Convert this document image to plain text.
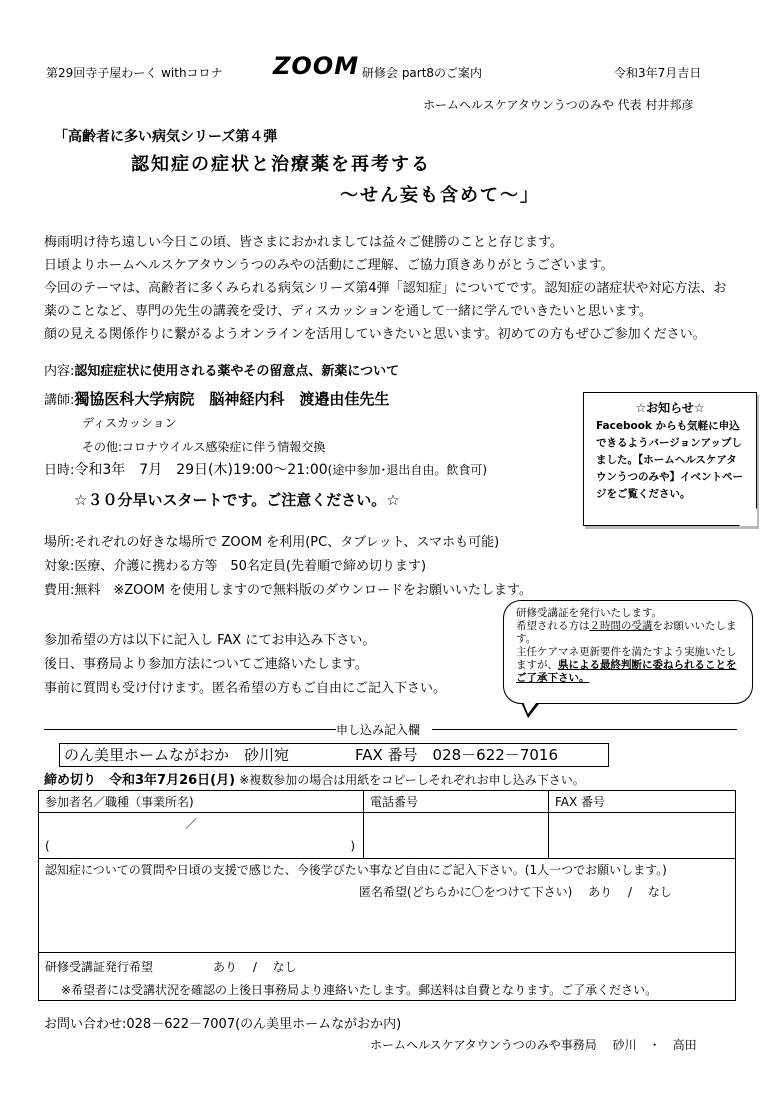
第29回寺子屋わーく withコロナ ZOOM 研修会 part8のご案内	令和3年7月吉日
ホームヘルスケアタウンうつのみや 代表 村井邦彦
「高齢者に多い病気シリーズ第４弾
認知症の症状と治療薬を再考する
～せん妄も含めて～」

梅雨明け待ち遠しい今日この頃、皆さまにおかれましては益々ご健勝のことと存じます。

日頃よりホームヘルスケアタウンうつのみやの活動にご理解、ご協力頂きありがとうございます。

今回のテーマは、高齢者に多くみられる病気シリーズ第4弾「認知症」についてです。認知症の諸症状や対応方法、お

薬のことなど、専門の先生の講義を受け、ディスカッションを通して一緒に学んでいきたいと思います。

顔の見える関係作りに繋がるようオンラインを活用していきたいと思います。初めての方もぜひご参加ください。

内容:認知症症状に使用される薬やその留意点、新薬について
講師:獨協医科大学病院　脳神経内科　渡邉由佳先生
ディスカッション
その他:コロナウイルス感染症に伴う情報交換
日時:令和3年　7月　29日(木)19:00～21:00(途中参加･退出自由。飲食可)
☆３０分早いスタートです。ご注意ください。☆
場所:それぞれの好きな場所で ZOOM を利用(PC、タブレット、スマホも可能)
対象:医療、介護に携わる方等　50名定員(先着順で締め切ります)
費用:無料　※ZOOM を使用しますので無料版のダウンロードをお願いいたします。
☆お知らせ☆
Facebook からも気軽に申込できるようバージョンアップしました。【ホームヘルスケアタウンうつのみや】イベントページをご覧ください。
研修受講証を発行いたします。
希望される方は２時間の受講をお願いいたします。
主任ケアマネ更新要件を満たすよう実施いたしますが、県による最終判断に委ねられることをご了承下さい。
参加希望の方は以下に記入し FAX にてお申込み下さい。
後日、事務局より参加方法についてご連絡いたします。
事前に質問も受け付けます。匿名希望の方もご自由にご記入下さい。
申し込み記入欄
のん美里ホームながおか　砂川宛	FAX 番号　028－622－7016
締め切り　令和3年7月26日(月) ※複数参加の場合は用紙をコピーしそれぞれお申し込み下さい。
参加者名／職種（事業所名)	電話番号	FAX 番号

／
( )		

認知症についての質問や日頃の支援で感じた、今後学びたい事など自由にご記入下さい。(1人一つでお願いします。)
匿名希望(どちらかに〇をつけて下さい)　 あり　 /　 なし		

研修受講証発行希望　　　　　あり　 /　 なし
※希望者には受講状況を確認の上後日事務局より連絡いたします。郵送料は自費となります。ご了承ください。		
お問い合わせ:028－622－7007(のん美里ホームながおか内)
ホームヘルスケアタウンうつのみや事務局　 砂川　・　高田
